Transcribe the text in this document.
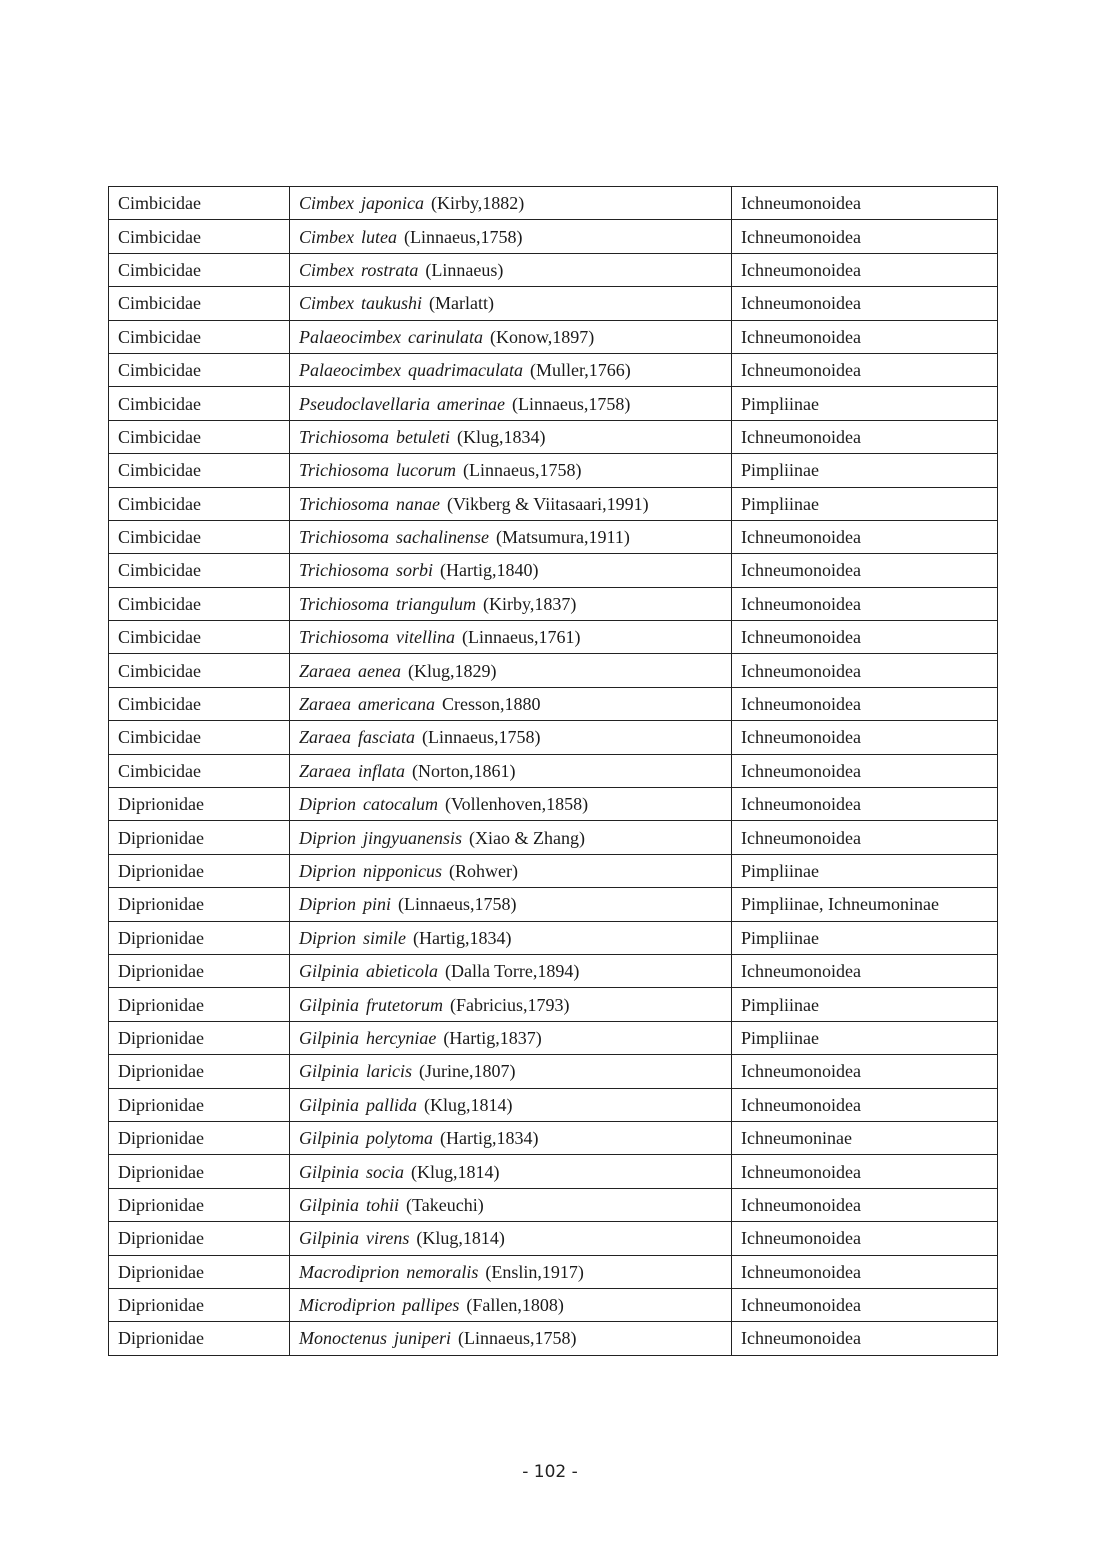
Cimbicidae	Cimbex japonica (Kirby,1882)	Ichneumonoidea
Cimbicidae	Cimbex lutea (Linnaeus,1758)	Ichneumonoidea
Cimbicidae	Cimbex rostrata (Linnaeus)	Ichneumonoidea
Cimbicidae	Cimbex taukushi (Marlatt)	Ichneumonoidea
Cimbicidae	Palaeocimbex carinulata (Konow,1897)	Ichneumonoidea
Cimbicidae	Palaeocimbex quadrimaculata (Muller,1766)	Ichneumonoidea
Cimbicidae	Pseudoclavellaria amerinae (Linnaeus,1758)	Pimpliinae
Cimbicidae	Trichiosoma betuleti (Klug,1834)	Ichneumonoidea
Cimbicidae	Trichiosoma lucorum (Linnaeus,1758)	Pimpliinae
Cimbicidae	Trichiosoma nanae (Vikberg & Viitasaari,1991)	Pimpliinae
Cimbicidae	Trichiosoma sachalinense (Matsumura,1911)	Ichneumonoidea
Cimbicidae	Trichiosoma sorbi (Hartig,1840)	Ichneumonoidea
Cimbicidae	Trichiosoma triangulum (Kirby,1837)	Ichneumonoidea
Cimbicidae	Trichiosoma vitellina (Linnaeus,1761)	Ichneumonoidea
Cimbicidae	Zaraea aenea (Klug,1829)	Ichneumonoidea
Cimbicidae	Zaraea americana Cresson,1880	Ichneumonoidea
Cimbicidae	Zaraea fasciata (Linnaeus,1758)	Ichneumonoidea
Cimbicidae	Zaraea inflata (Norton,1861)	Ichneumonoidea
Diprionidae	Diprion catocalum (Vollenhoven,1858)	Ichneumonoidea
Diprionidae	Diprion jingyuanensis (Xiao & Zhang)	Ichneumonoidea
Diprionidae	Diprion nipponicus (Rohwer)	Pimpliinae
Diprionidae	Diprion pini (Linnaeus,1758)	Pimpliinae, Ichneumoninae
Diprionidae	Diprion simile (Hartig,1834)	Pimpliinae
Diprionidae	Gilpinia abieticola (Dalla Torre,1894)	Ichneumonoidea
Diprionidae	Gilpinia frutetorum (Fabricius,1793)	Pimpliinae
Diprionidae	Gilpinia hercyniae (Hartig,1837)	Pimpliinae
Diprionidae	Gilpinia laricis (Jurine,1807)	Ichneumonoidea
Diprionidae	Gilpinia pallida (Klug,1814)	Ichneumonoidea
Diprionidae	Gilpinia polytoma (Hartig,1834)	Ichneumoninae
Diprionidae	Gilpinia socia (Klug,1814)	Ichneumonoidea
Diprionidae	Gilpinia tohii (Takeuchi)	Ichneumonoidea
Diprionidae	Gilpinia virens (Klug,1814)	Ichneumonoidea
Diprionidae	Macrodiprion nemoralis (Enslin,1917)	Ichneumonoidea
Diprionidae	Microdiprion pallipes (Fallen,1808)	Ichneumonoidea
Diprionidae	Monoctenus juniperi (Linnaeus,1758)	Ichneumonoidea
- 102 -
